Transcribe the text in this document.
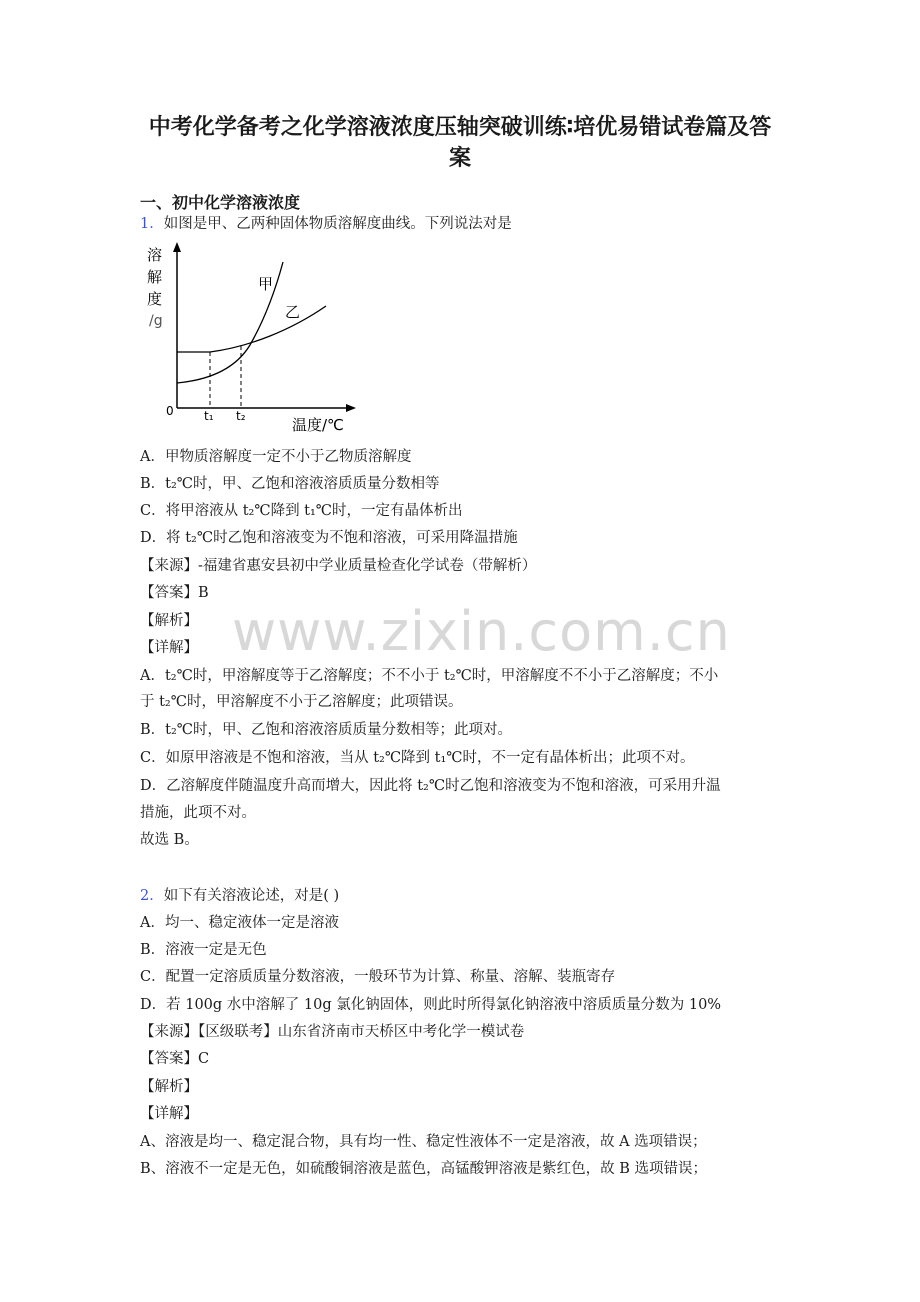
中考化学备考之化学溶液浓度压轴突破训练∶培优易错试卷篇及答
案
一、初中化学溶液浓度
1．如图是甲、乙两种固体物质溶解度曲线。下列说法对是
溶
解
度
/g
0	t₁ t₂	温度/℃
甲
乙
A．甲物质溶解度一定不小于乙物质溶解度
B．t₂℃时，甲、乙饱和溶液溶质质量分数相等
C．将甲溶液从 t₂℃降到 t₁℃时，一定有晶体析出
D．将 t₂℃时乙饱和溶液变为不饱和溶液，可采用降温措施
【来源】-福建省惠安县初中学业质量检查化学试卷（带解析）
【答案】B
【解析】
【详解】
A．t₂℃时，甲溶解度等于乙溶解度；不不小于 t₂℃时，甲溶解度不不小于乙溶解度；不小
于 t₂℃时，甲溶解度不小于乙溶解度；此项错误。
B．t₂℃时，甲、乙饱和溶液溶质质量分数相等；此项对。
C．如原甲溶液是不饱和溶液，当从 t₂℃降到 t₁℃时，不一定有晶体析出；此项不对。
D．乙溶解度伴随温度升高而增大，因此将 t₂℃时乙饱和溶液变为不饱和溶液，可采用升温
措施，此项不对。
故选 B。
2．如下有关溶液论述，对是( )
A．均一、稳定液体一定是溶液
B．溶液一定是无色
C．配置一定溶质质量分数溶液，一般环节为计算、称量、溶解、装瓶寄存
D．若 100g 水中溶解了 10g 氯化钠固体，则此时所得氯化钠溶液中溶质质量分数为 10%
【来源】【区级联考】山东省济南市天桥区中考化学一模试卷
【答案】C
【解析】
【详解】
A、溶液是均一、稳定混合物，具有均一性、稳定性液体不一定是溶液，故 A 选项错误；
B、溶液不一定是无色，如硫酸铜溶液是蓝色，高锰酸钾溶液是紫红色，故 B 选项错误；
www.zixin.com.cn
